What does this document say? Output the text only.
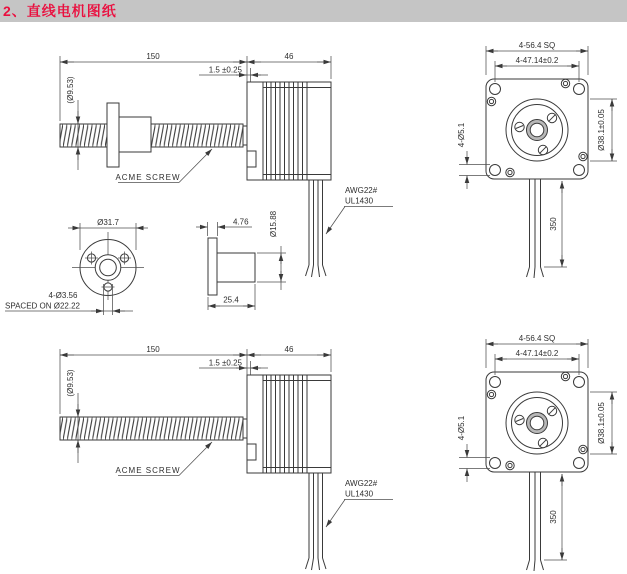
2、直线电机图纸
150	46
1.5 ±0.25
(Ø9.53)
ACME SCREW
AWG22#
UL1430
4-56.4 SQ
4-47.14±0.2
Ø38.1±0.05
4-Ø5.1
350
Ø31.7
4-Ø3.56
SPACED ON Ø22.22
4.76	Ø15.88
25.4
150	46
1.5 ±0.25
(Ø9.53)
ACME SCREW
AWG22#
UL1430
4-56.4 SQ
4-47.14±0.2
Ø38.1±0.05
4-Ø5.1
350
